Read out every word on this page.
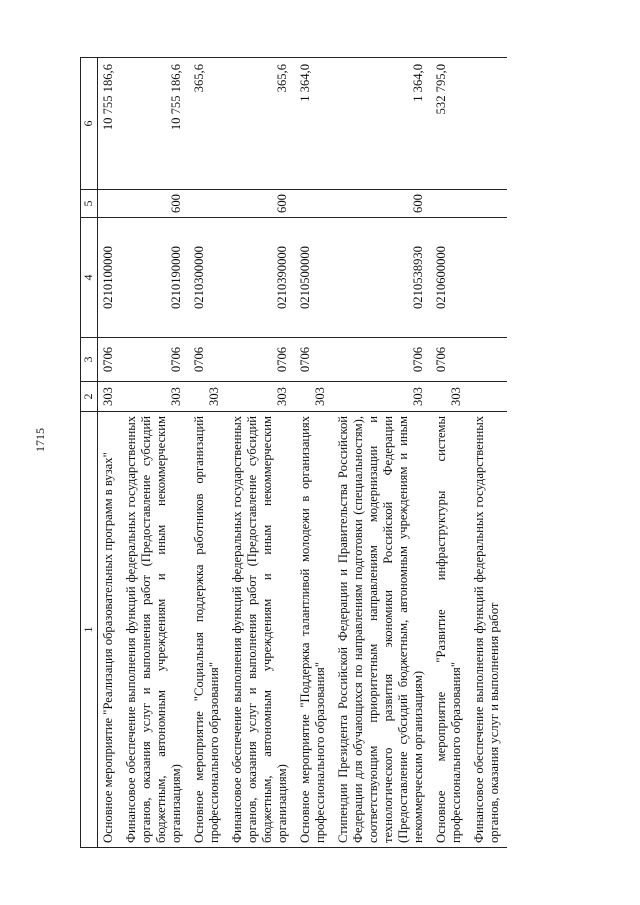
1715
1	2	3	4	5	6
Основное мероприятие "Реализация образовательных программ в вузах"	303	0706	0210100000		10 755 186,6
Финансовое обеспечение выполнения функций федеральных государственных органов, оказания услуг и выполнения работ (Предоставление субсидий бюджетным, автономным учреждениям и иным некоммерческим организациям)	303	0706	0210190000	600	10 755 186,6
Основное мероприятие "Социальная поддержка работников организаций профессионального образования"	303	0706	0210300000		365,6
Финансовое обеспечение выполнения функций федеральных государственных органов, оказания услуг и выполнения работ (Предоставление субсидий бюджетным, автономным учреждениям и иным некоммерческим организациям)	303	0706	0210390000	600	365,6
Основное мероприятие "Поддержка талантливой молодежи в организациях профессионального образования"	303	0706	0210500000		1 364,0
Стипендии Президента Российской Федерации и Правительства Российской Федерации для обучающихся по направлениям подготовки (специальностям), соответствующим приоритетным направлениям модернизации и технологического развития экономики Российской Федерации (Предоставление субсидий бюджетным, автономным учреждениям и иным некоммерческим организациям)	303	0706	0210538930	600	1 364,0
Основное мероприятие "Развитие инфраструктуры системы профессионального образования"	303	0706	0210600000		532 795,0
Финансовое обеспечение выполнения функций федеральных государственных органов, оказания услуг и выполнения работ					
